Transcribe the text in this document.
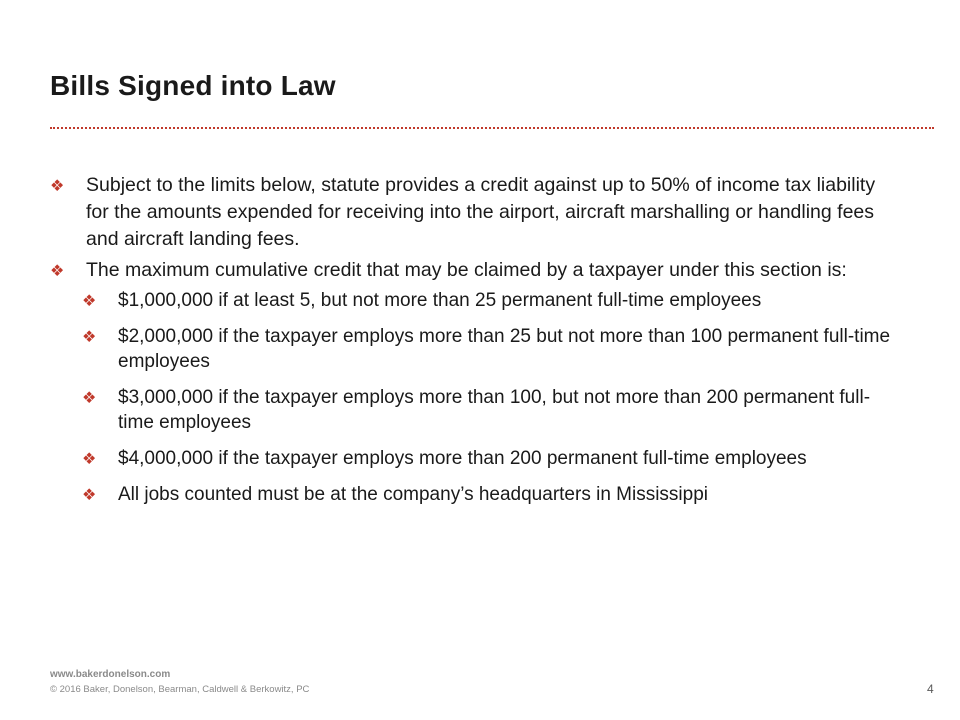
Bills Signed into Law
❖ Subject to the limits below, statute provides a credit against up to 50% of income tax liability for the amounts expended for receiving into the airport, aircraft marshalling or handling fees and aircraft landing fees.
❖ The maximum cumulative credit that may be claimed by a taxpayer under this section is:
❖ $1,000,000 if at least 5, but not more than 25 permanent full-time employees
❖ $2,000,000 if the taxpayer employs more than 25 but not more than 100 permanent full-time employees
❖ $3,000,000 if the taxpayer employs more than 100, but not more than 200 permanent full-time employees
❖ $4,000,000 if the taxpayer employs more than 200 permanent full-time employees
❖ All jobs counted must be at the company’s headquarters in Mississippi
www.bakerdonelson.com
© 2016 Baker, Donelson, Bearman, Caldwell & Berkowitz, PC	4
